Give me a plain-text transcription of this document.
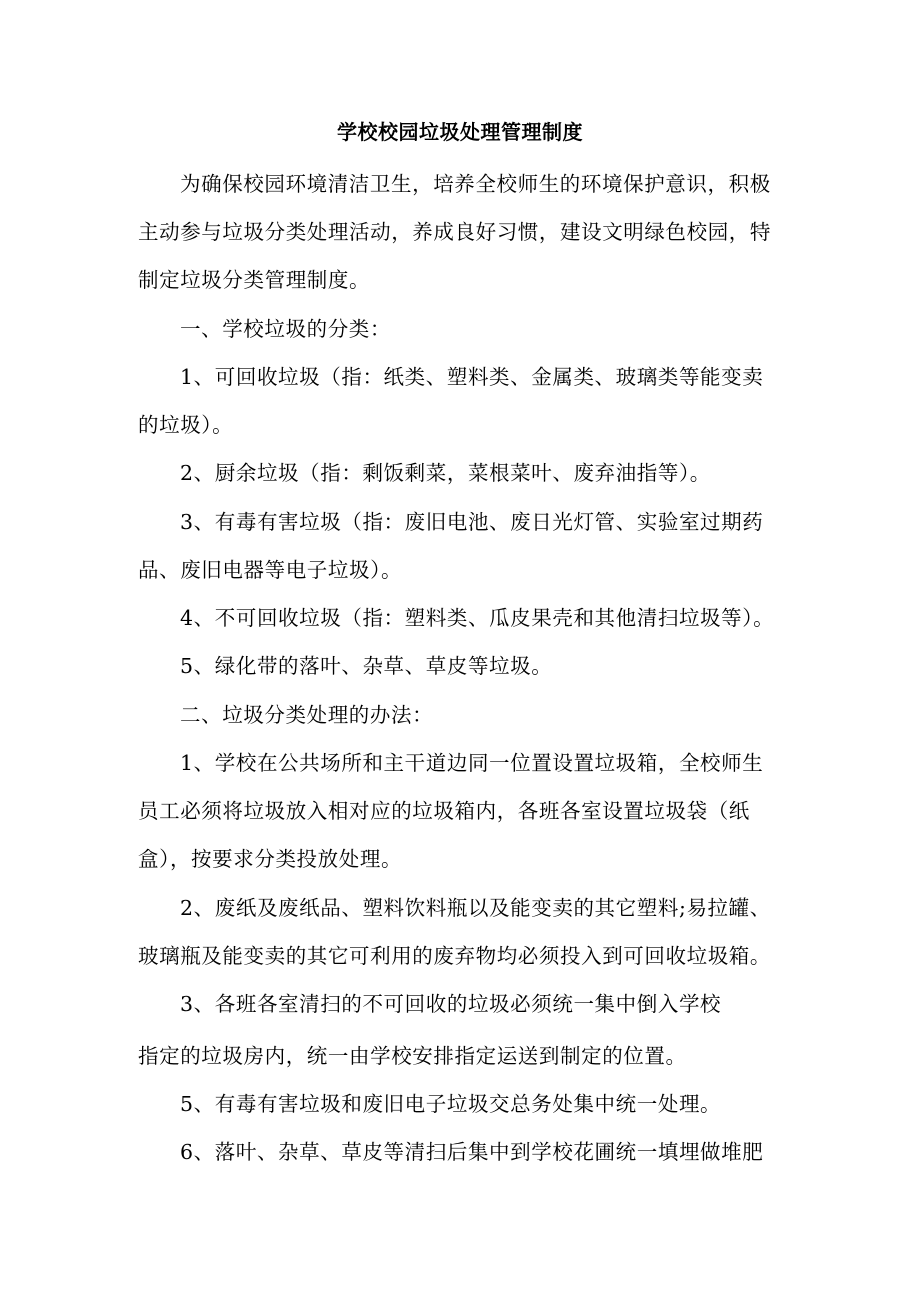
学校校园垃圾处理管理制度
为确保校园环境清洁卫生，培养全校师生的环境保护意识，积极
主动参与垃圾分类处理活动，养成良好习惯，建设文明绿色校园，特
制定垃圾分类管理制度。
一、学校垃圾的分类：
1、可回收垃圾（指：纸类、塑料类、金属类、玻璃类等能变卖
的垃圾）。
2、厨余垃圾（指：剩饭剩菜，菜根菜叶、废弃油指等）。
3、有毒有害垃圾（指：废旧电池、废日光灯管、实验室过期药
品、废旧电器等电子垃圾）。
4、不可回收垃圾（指：塑料类、瓜皮果壳和其他清扫垃圾等）。
5、绿化带的落叶、杂草、草皮等垃圾。
二、垃圾分类处理的办法：
1、学校在公共场所和主干道边同一位置设置垃圾箱，全校师生
员工必须将垃圾放入相对应的垃圾箱内，各班各室设置垃圾袋（纸
盒），按要求分类投放处理。
2、废纸及废纸品、塑料饮料瓶以及能变卖的其它塑料;易拉罐、
玻璃瓶及能变卖的其它可利用的废弃物均必须投入到可回收垃圾箱。
3、各班各室清扫的不可回收的垃圾必须统一集中倒入学校
指定的垃圾房内，统一由学校安排指定运送到制定的位置。
5、有毒有害垃圾和废旧电子垃圾交总务处集中统一处理。
6、落叶、杂草、草皮等清扫后集中到学校花圃统一填埋做堆肥
